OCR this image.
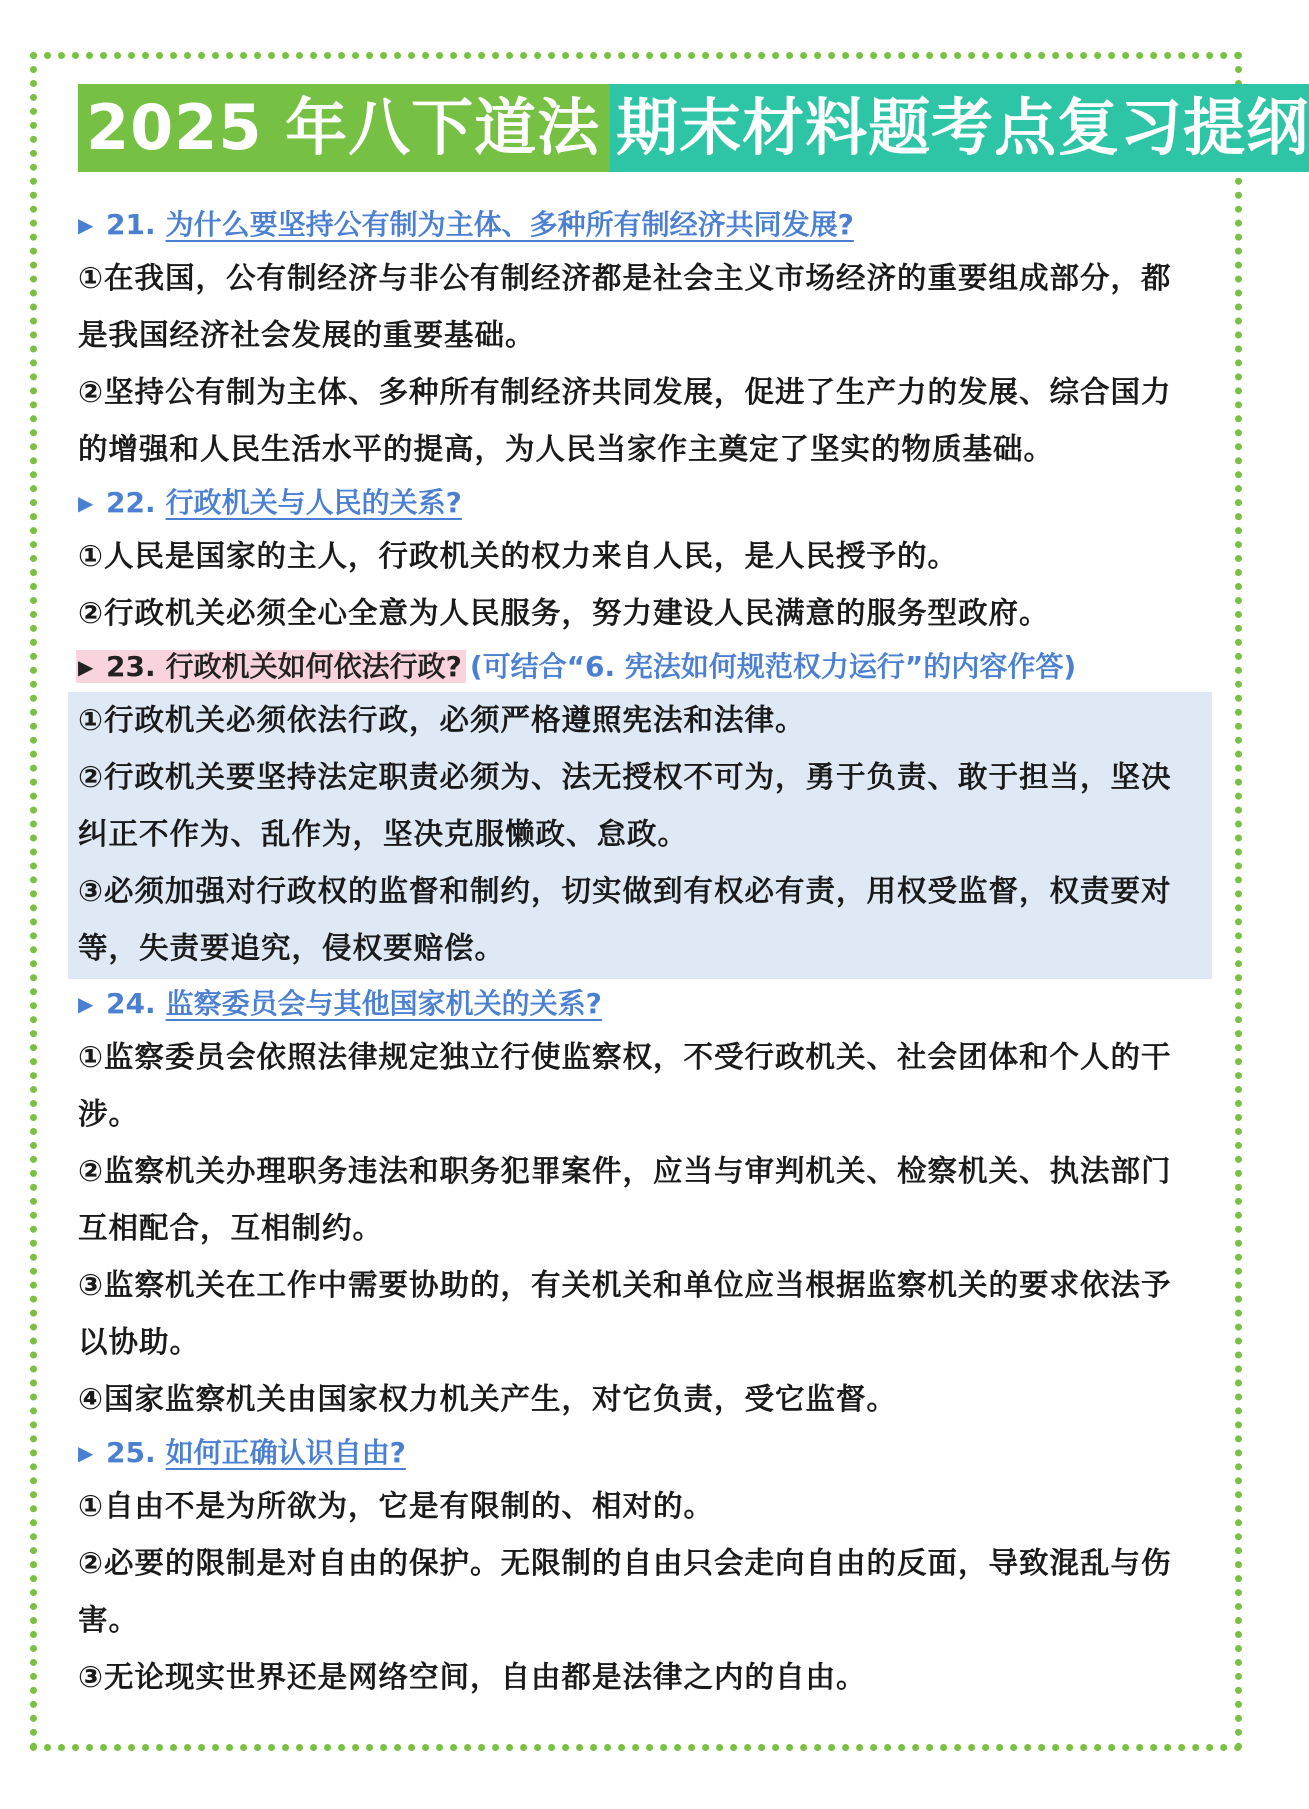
2025 年八下道法 期末材料题考点复习提纲
▶ 21. 为什么要坚持公有制为主体、多种所有制经济共同发展?
①在我国，公有制经济与非公有制经济都是社会主义市场经济的重要组成部分，都
是我国经济社会发展的重要基础。
②坚持公有制为主体、多种所有制经济共同发展，促进了生产力的发展、综合国力
的增强和人民生活水平的提高，为人民当家作主奠定了坚实的物质基础。
▶ 22. 行政机关与人民的关系?
①人民是国家的主人，行政机关的权力来自人民，是人民授予的。
②行政机关必须全心全意为人民服务，努力建设人民满意的服务型政府。
▶ 23. 行政机关如何依法行政? (可结合“6. 宪法如何规范权力运行”的内容作答)
①行政机关必须依法行政，必须严格遵照宪法和法律。
②行政机关要坚持法定职责必须为、法无授权不可为，勇于负责、敢于担当，坚决
纠正不作为、乱作为，坚决克服懒政、怠政。
③必须加强对行政权的监督和制约，切实做到有权必有责，用权受监督，权责要对
等，失责要追究，侵权要赔偿。
▶ 24. 监察委员会与其他国家机关的关系?
①监察委员会依照法律规定独立行使监察权，不受行政机关、社会团体和个人的干
涉。
②监察机关办理职务违法和职务犯罪案件，应当与审判机关、检察机关、执法部门
互相配合，互相制约。
③监察机关在工作中需要协助的，有关机关和单位应当根据监察机关的要求依法予
以协助。
④国家监察机关由国家权力机关产生，对它负责，受它监督。
▶ 25. 如何正确认识自由?
①自由不是为所欲为，它是有限制的、相对的。
②必要的限制是对自由的保护。无限制的自由只会走向自由的反面，导致混乱与伤
害。
③无论现实世界还是网络空间，自由都是法律之内的自由。
